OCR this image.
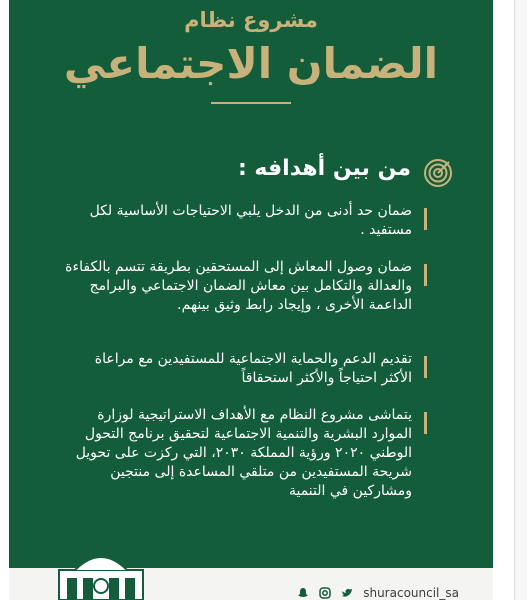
مشروع نظام
الضمان الاجتماعي
من بين أهدافه :
ضمان حد أدنى من الدخل يلبي الاحتياجات الأساسية لكل مستفيد .
ضمان وصول المعاش إلى المستحقين بطريقة تتسم بالكفاءة والعدالة والتكامل بين معاش الضمان الاجتماعي والبرامج الداعمة الأخرى ، وإيجاد رابط وثيق بينهم.
تقديم الدعم والحماية الاجتماعية للمستفيدين مع مراعاة الأكثر احتياجاً والأكثر استحقاقاً
يتماشى مشروع النظام مع الأهداف الاستراتيجية لوزارة الموارد البشرية والتنمية الاجتماعية لتحقيق برنامج التحول الوطني ٢٠٢٠ ورؤية المملكة ٢٠٣٠، التي ركزت على تحويل شريحة المستفيدين من متلقي المساعدة إلى منتجين ومشاركين في التنمية
shuracouncil_sa
